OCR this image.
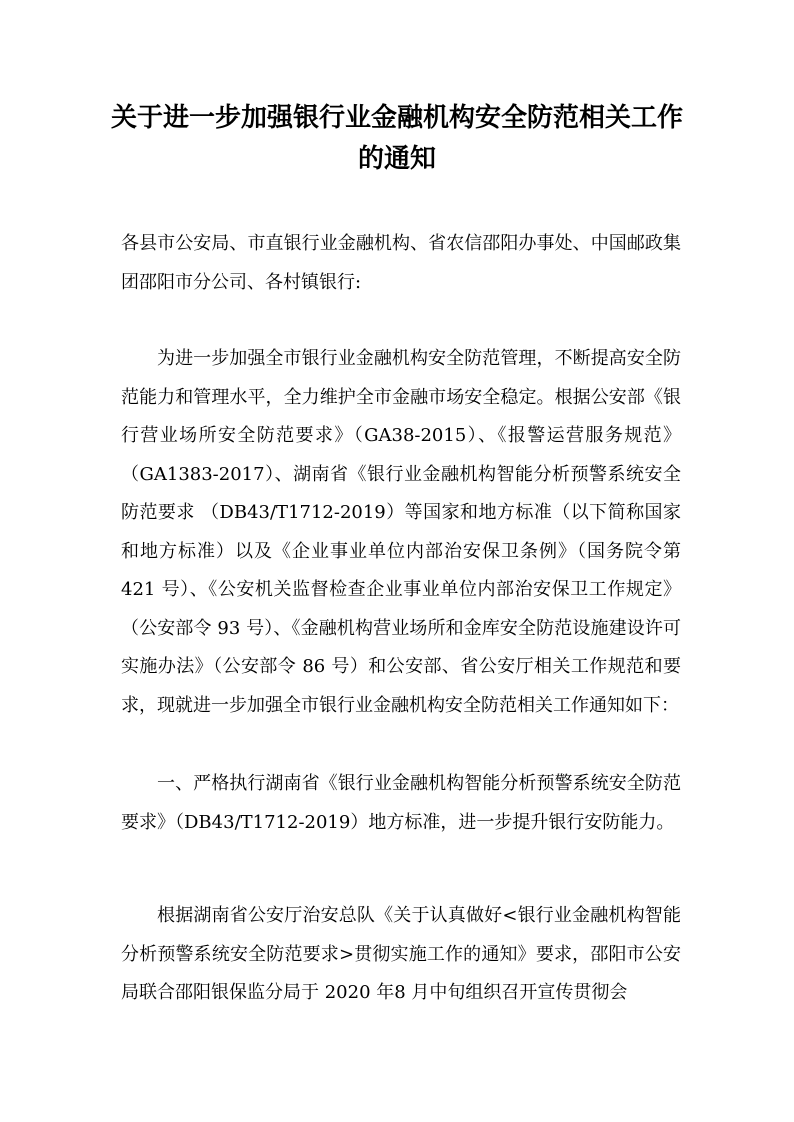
关于进一步加强银行业金融机构安全防范相关工作
的通知

各县市公安局、市直银行业金融机构、省农信邵阳办事处、中国邮政集团邵阳市分公司、各村镇银行:

为进一步加强全市银行业金融机构安全防范管理，不断提高安全防范能力和管理水平，全力维护全市金融市场安全稳定。根据公安部《银行营业场所安全防范要求》（GA38-2015）、《报警运营服务规范》（GA1383-2017）、湖南省《银行业金融机构智能分析预警系统安全防范要求 （DB43/T1712-2019）等国家和地方标准（以下简称国家和地方标准）以及《企业事业单位内部治安保卫条例》（国务院令第 421 号）、《公安机关监督检查企业事业单位内部治安保卫工作规定》（公安部令 93 号）、《金融机构营业场所和金库安全防范设施建设许可实施办法》（公安部令 86 号）和公安部、省公安厅相关工作规范和要求，现就进一步加强全市银行业金融机构安全防范相关工作通知如下：

一、严格执行湖南省《银行业金融机构智能分析预警系统安全防范要求》（DB43/T1712-2019）地方标准，进一步提升银行安防能力。

根据湖南省公安厅治安总队《关于认真做好<银行业金融机构智能分析预警系统安全防范要求>贯彻实施工作的通知》要求，邵阳市公安局联合邵阳银保监分局于 2020 年8 月中旬组织召开宣传贯彻会
